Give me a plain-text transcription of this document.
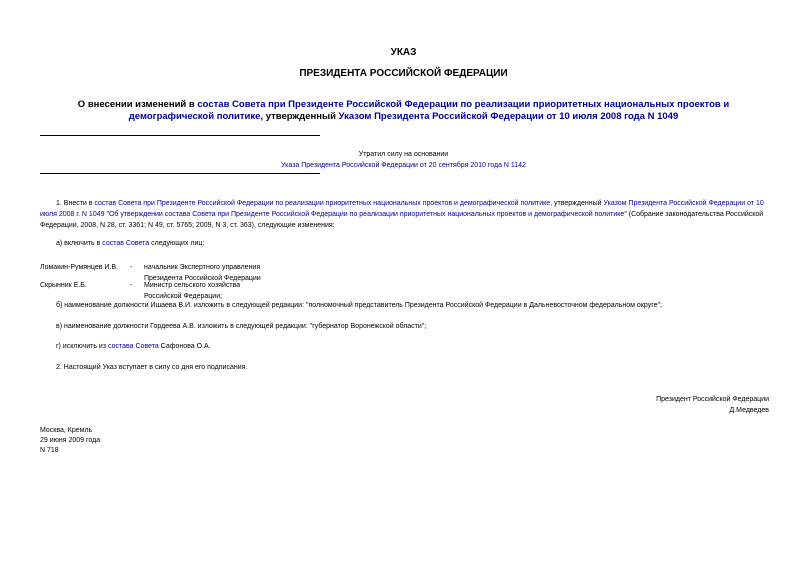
УКАЗ
ПРЕЗИДЕНТА РОССИЙСКОЙ ФЕДЕРАЦИИ
О внесении изменений в состав Совета при Президенте Российской Федерации по реализации приоритетных национальных проектов и демографической политике, утвержденный Указом Президента Российской Федерации от 10 июля 2008 года N 1049
Утратил силу на основании
Указа Президента Российской Федерации от 20 сентября 2010 года N 1142
1. Внести в состав Совета при Президенте Российской Федерации по реализации приоритетных национальных проектов и демографической политике, утвержденный Указом Президента Российской Федерации от 10 июля 2008 г. N 1049 "Об утверждении состава Совета при Президенте Российской Федерации по реализации приоритетных национальных проектов и демографической политике" (Собрание законодательства Российской Федерации, 2008, N 28, ст. 3361; N 49, ст. 5765; 2009, N 3, ст. 363), следующие изменения:
а) включить в состав Совета следующих лиц:
Ломакин-Румянцев И.В.	-	начальник Экспертного управления
Президента Российской Федерации
Скрынник Е.Б.	-	Министр сельского хозяйства
Российской Федерации;
б) наименование должности Ишаева В.И. изложить в следующей редакции: "полномочный представитель Президента Российской Федерации в Дальневосточном федеральном округе";
в) наименование должности Гордеева А.В. изложить в следующей редакции: "губернатор Воронежской области";
г) исключить из состава Совета Сафонова О.А.
2. Настоящий Указ вступает в силу со дня его подписания.
Президент Российской Федерации
Д.Медведев
Москва, Кремль
29 июня 2009 года
N 718
